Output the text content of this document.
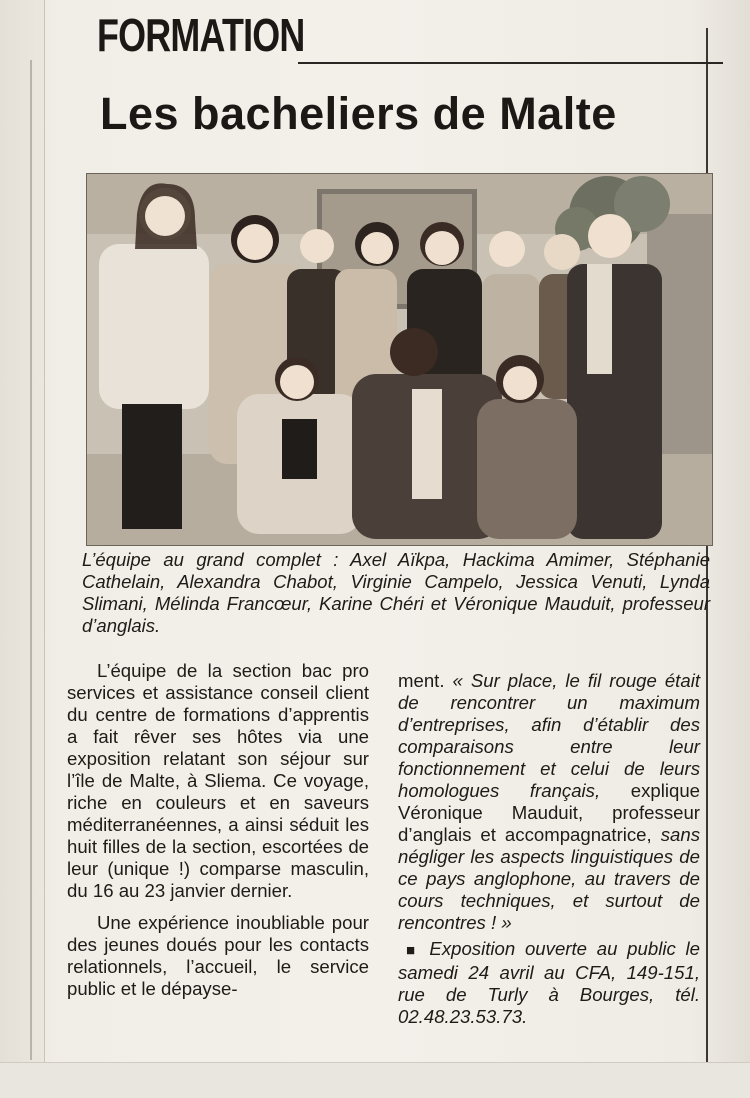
FORMATION
Les bacheliers de Malte
L’équipe au grand complet : Axel Aïkpa, Hackima Amimer, Stéphanie Cathelain, Alexandra Chabot, Virginie Campelo, Jessica Venuti, Lynda Slimani, Mélinda Francœur, Karine Chéri et Véronique Mauduit, professeur d’anglais.

L’équipe de la section bac pro services et assistance conseil client du centre de formations d’apprentis a fait rêver ses hôtes via une exposition relatant son séjour sur l’île de Malte, à Sliema. Ce voyage, riche en couleurs et en saveurs méditerranéennes, a ainsi séduit les huit filles de la section, escortées de leur (unique !) comparse masculin, du 16 au 23 janvier dernier.

Une expérience inoubliable pour des jeunes doués pour les contacts relationnels, l’accueil, le service public et le dépayse-

ment. « Sur place, le fil rouge était de rencontrer un maximum d’entreprises, afin d’établir des comparaisons entre leur fonctionnement et celui de leurs homologues français, explique Véronique Mauduit, professeur d’anglais et accompagnatrice, sans négliger les aspects linguistiques de ce pays anglophone, au travers de cours techniques, et surtout de rencontres ! »

■ Exposition ouverte au public le samedi 24 avril au CFA, 149-151, rue de Turly à Bourges, tél. 02.48.23.53.73.
